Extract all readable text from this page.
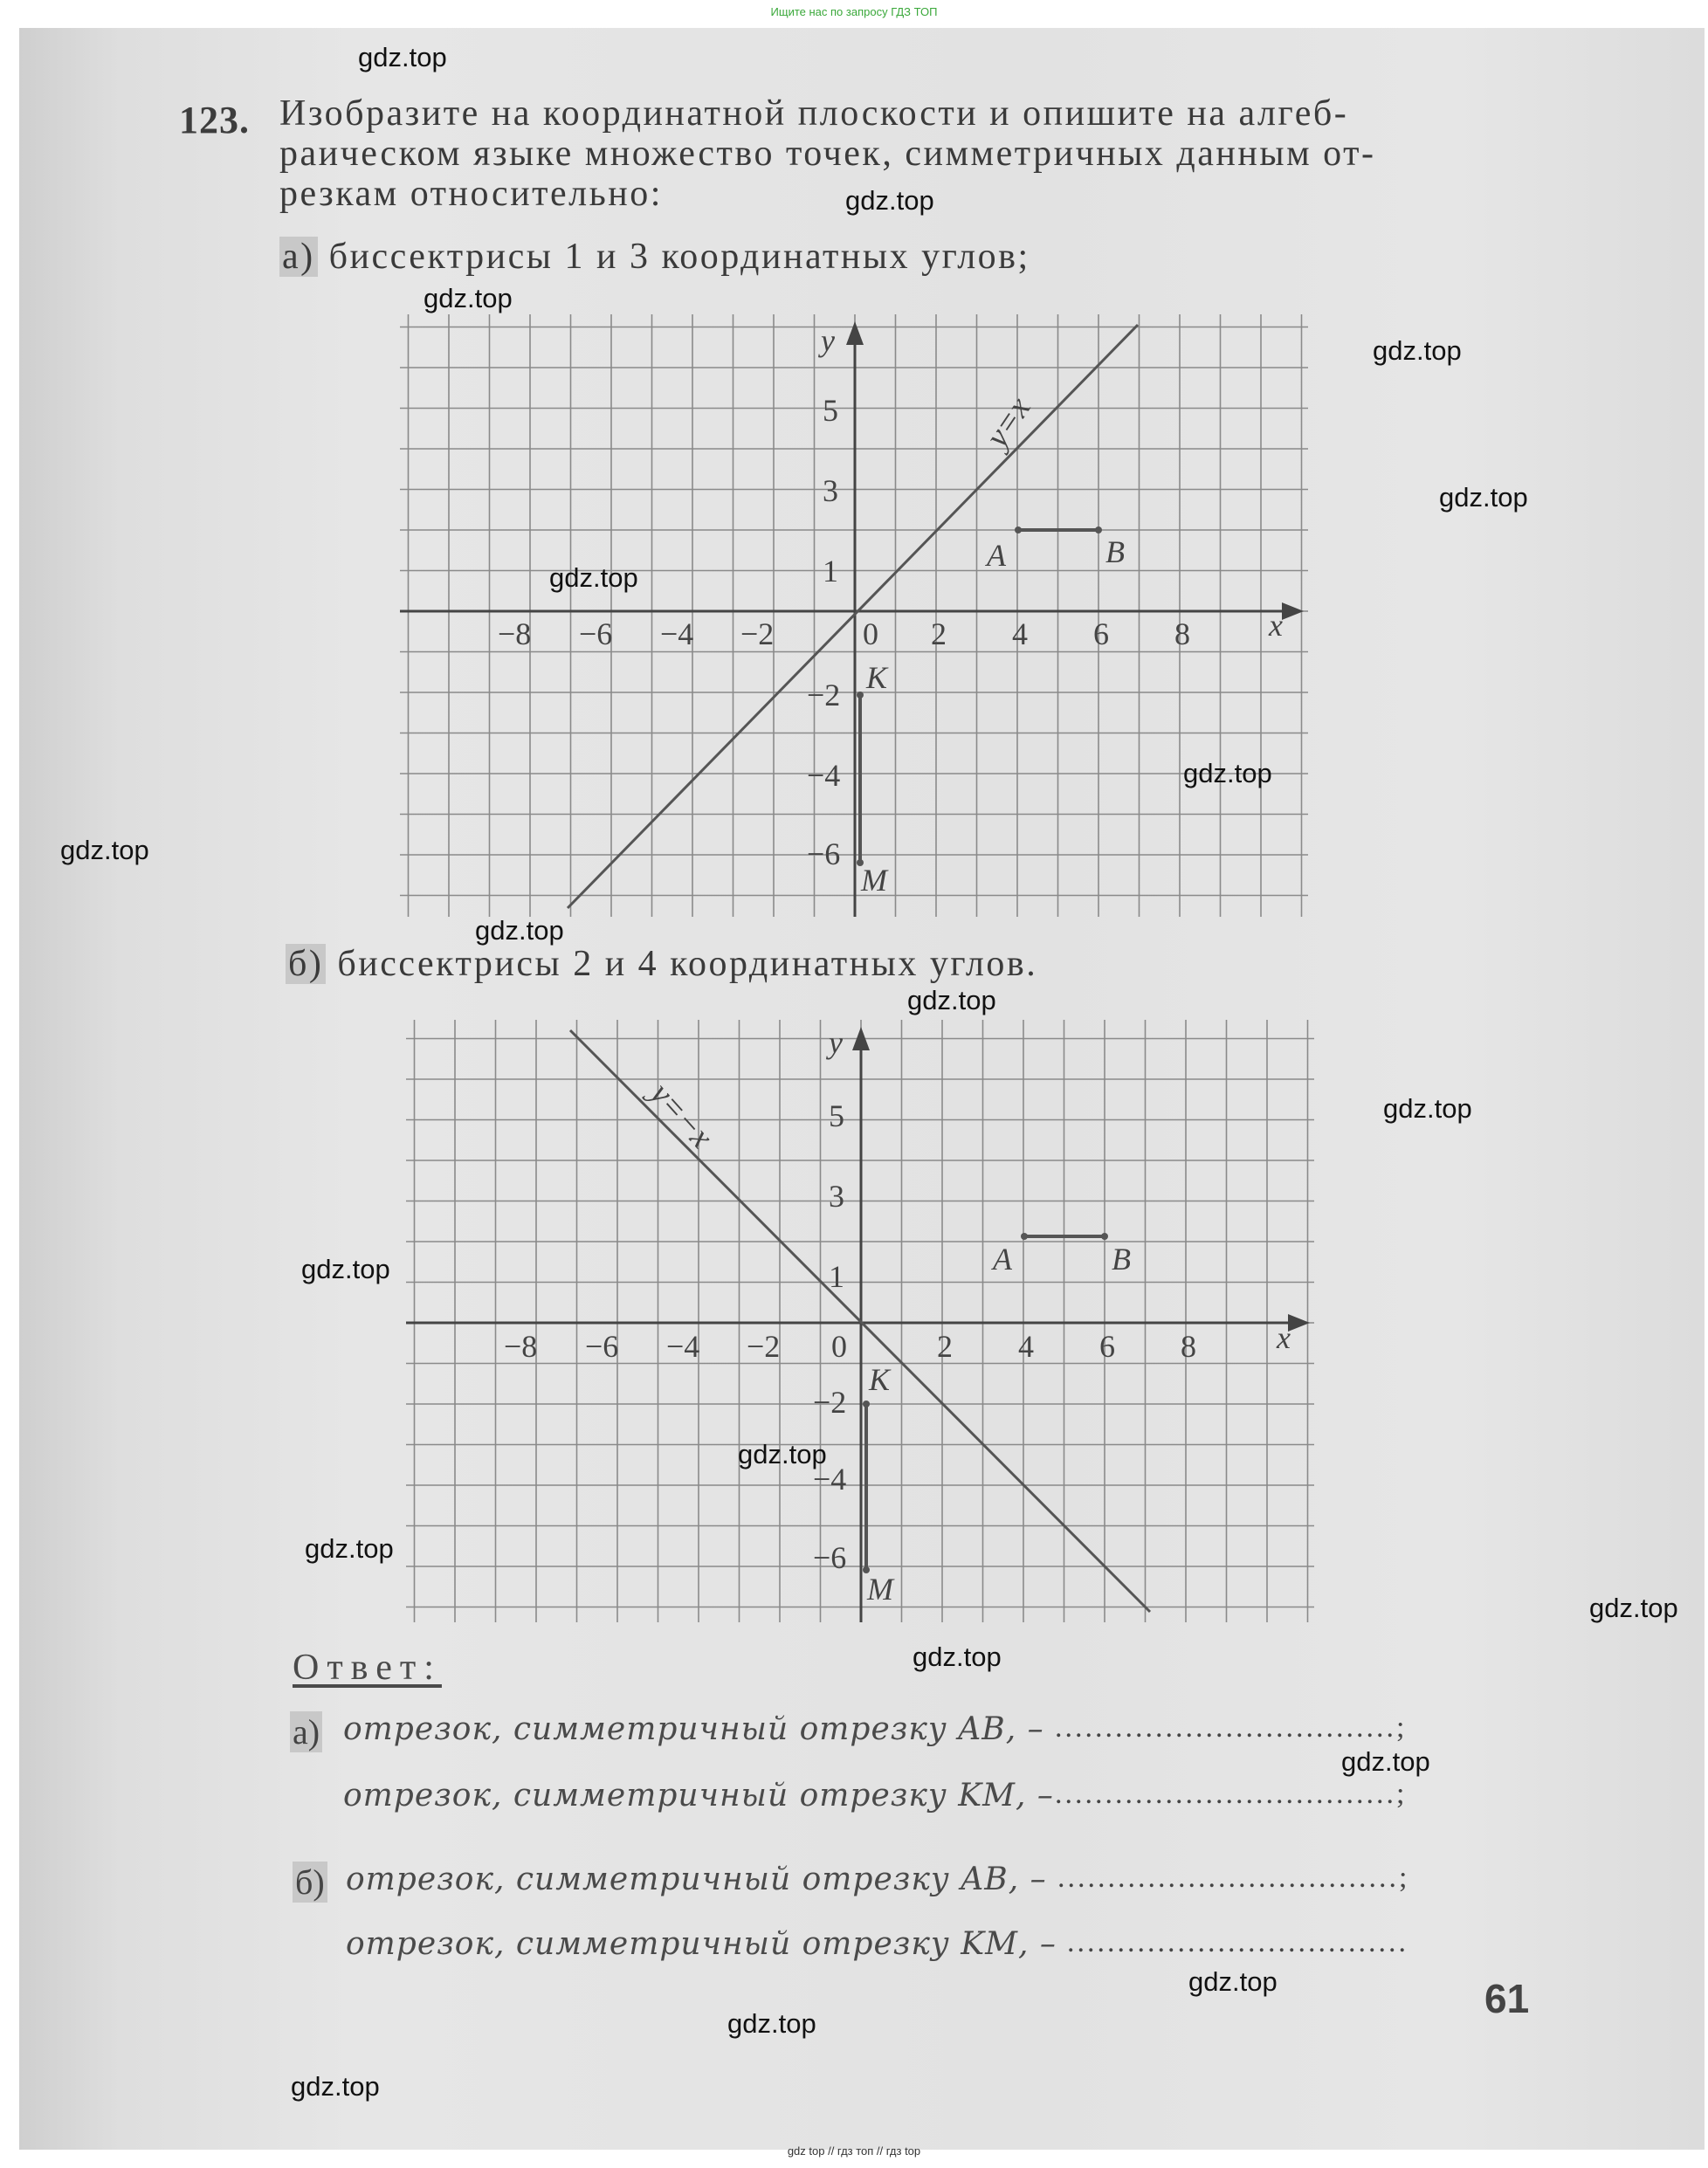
Ищите нас по запросу ГДЗ ТОП
123. Изобразите на координатной плоскости и опишите на алгеб-
раическом языке множество точек, симметричных данным от-
резкам относительно:
а) биссектрисы 1 и 3 координатных углов;
y=x
x
y
−8 −6 −4 −2	0 2 4 6 8
5
3
1
−2
−4
−6
A	B
K
M
б) биссектрисы 2 и 4 координатных углов.
y=−x
x
y
−8 −6 −4 −2 0	2 4 6 8
5
3
1
−2
−4
−6
A	B
K
M
Ответ:
а) отрезок, симметричный отрезку AB, – ..................................;
отрезок, симметричный отрезку KM, – ..................................;
б) отрезок, симметричный отрезку AB, – ..................................;
отрезок, симметричный отрезку KM, – ..................................
61
gdz.top
gdz.top
gdz.top
gdz.top
gdz.top
gdz.top
gdz.top
gdz.top
gdz.top
gdz.top
gdz.top
gdz.top
gdz.top
gdz.top
gdz.top
gdz.top
gdz.top
gdz.top
gdz.top
gdz.top
gdz top // гдз топ // гдз top
